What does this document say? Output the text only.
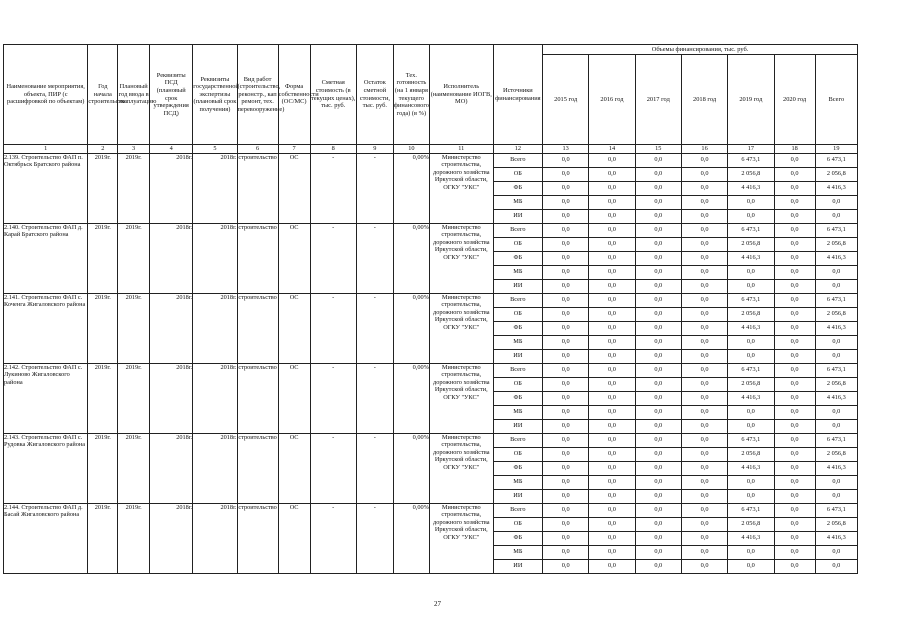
Наименование мероприятия, объекта, ПИР (с расшифровкой по объектам)	Год начала строительства	Плановый год ввода в эксплуатацию	Реквизиты ПСД (плановый срок утверждения ПСД)	Реквизиты государственной экспертизы (плановый срок получения)	Вид работ (строительство, реконстр., кап ремонт, тех. перевооружение)	Форма собственности (ОС/МС)	Сметная стоимость (в текущих ценах), тыс. руб.	Остаток сметной стоимости, тыс. руб.	Тех. готовность (на 1 января текущего финансового года) (в %)	Исполнитель (наименование ИОГВ, МО)	Источники финансирования	Объемы финансирования, тыс. руб.						
												2015 год	2016 год	2017 год	2018 год	2019 год	2020 год	Всего
1	2	3	4	5	6	7	8	9	10	11	12	13	14	15	16	17	18	19
2.139. Строительство ФАП п. Октябрьск Братского района	2019г.	2019г.	2018г.	2018г.	строительство	ОС	-	-	0,00%	Министерство строительства, дорожного хозяйства Иркутской области, ОГКУ "УКС"	Всего	0,0	0,0	0,0	0,0	6 473,1	0,0	6 473,1
											ОБ	0,0	0,0	0,0	0,0	2 056,8	0,0	2 056,8
											ФБ	0,0	0,0	0,0	0,0	4 416,3	0,0	4 416,3
											МБ	0,0	0,0	0,0	0,0	0,0	0,0	0,0
											ИИ	0,0	0,0	0,0	0,0	0,0	0,0	0,0
2.140. Строительство ФАП д. Карай Братского района	2019г.	2019г.	2018г.	2018г.	строительство	ОС	-	-	0,00%	Министерство строительства, дорожного хозяйства Иркутской области, ОГКУ "УКС"	Всего	0,0	0,0	0,0	0,0	6 473,1	0,0	6 473,1
											ОБ	0,0	0,0	0,0	0,0	2 056,8	0,0	2 056,8
											ФБ	0,0	0,0	0,0	0,0	4 416,3	0,0	4 416,3
											МБ	0,0	0,0	0,0	0,0	0,0	0,0	0,0
											ИИ	0,0	0,0	0,0	0,0	0,0	0,0	0,0
2.141. Строительство ФАП с. Коченга Жигаловского района	2019г.	2019г.	2018г.	2018г.	строительство	ОС	-	-	0,00%	Министерство строительства, дорожного хозяйства Иркутской области, ОГКУ "УКС"	Всего	0,0	0,0	0,0	0,0	6 473,1	0,0	6 473,1
											ОБ	0,0	0,0	0,0	0,0	2 056,8	0,0	2 056,8
											ФБ	0,0	0,0	0,0	0,0	4 416,3	0,0	4 416,3
											МБ	0,0	0,0	0,0	0,0	0,0	0,0	0,0
											ИИ	0,0	0,0	0,0	0,0	0,0	0,0	0,0
2.142. Строительство ФАП с. Лукиново Жигаловского района	2019г.	2019г.	2018г.	2018г.	строительство	ОС	-	-	0,00%	Министерство строительства, дорожного хозяйства Иркутской области, ОГКУ "УКС"	Всего	0,0	0,0	0,0	0,0	6 473,1	0,0	6 473,1
											ОБ	0,0	0,0	0,0	0,0	2 056,8	0,0	2 056,8
											ФБ	0,0	0,0	0,0	0,0	4 416,3	0,0	4 416,3
											МБ	0,0	0,0	0,0	0,0	0,0	0,0	0,0
											ИИ	0,0	0,0	0,0	0,0	0,0	0,0	0,0
2.143. Строительство ФАП с. Рудовка Жигаловского района	2019г.	2019г.	2018г.	2018г.	строительство	ОС	-	-	0,00%	Министерство строительства, дорожного хозяйства Иркутской области, ОГКУ "УКС"	Всего	0,0	0,0	0,0	0,0	6 473,1	0,0	6 473,1
											ОБ	0,0	0,0	0,0	0,0	2 056,8	0,0	2 056,8
											ФБ	0,0	0,0	0,0	0,0	4 416,3	0,0	4 416,3
											МБ	0,0	0,0	0,0	0,0	0,0	0,0	0,0
											ИИ	0,0	0,0	0,0	0,0	0,0	0,0	0,0
2.144. Строительство ФАП д. Басай Жигаловского района	2019г.	2019г.	2018г.	2018г.	строительство	ОС	-	-	0,00%	Министерство строительства, дорожного хозяйства Иркутской области, ОГКУ "УКС"	Всего	0,0	0,0	0,0	0,0	6 473,1	0,0	6 473,1
											ОБ	0,0	0,0	0,0	0,0	2 056,8	0,0	2 056,8
											ФБ	0,0	0,0	0,0	0,0	4 416,3	0,0	4 416,3
											МБ	0,0	0,0	0,0	0,0	0,0	0,0	0,0
											ИИ	0,0	0,0	0,0	0,0	0,0	0,0	0,0
27
